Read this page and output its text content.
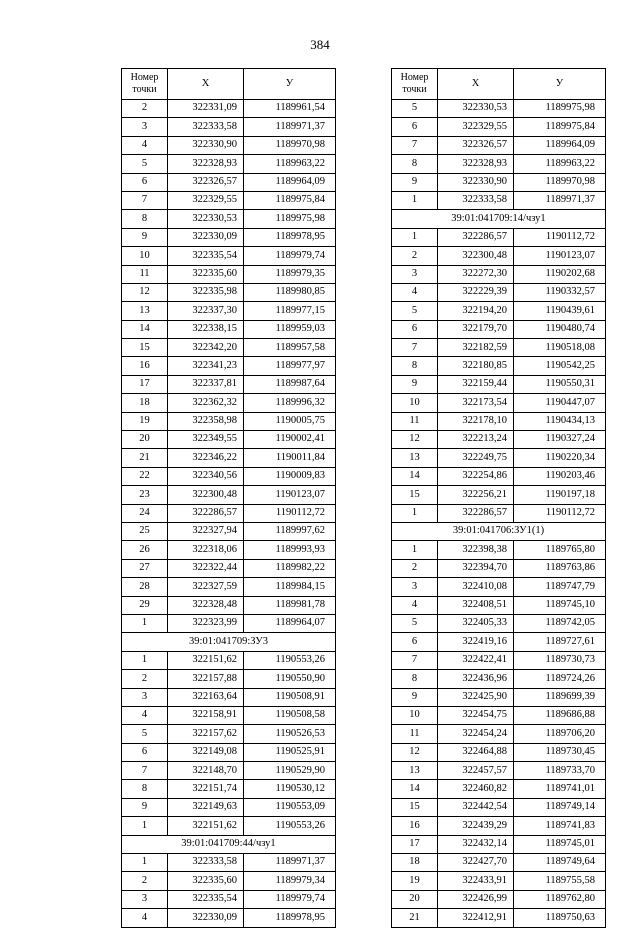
384
Номер
точки	X	У
2	322331,09	1189961,54
3	322333,58	1189971,37
4	322330,90	1189970,98
5	322328,93	1189963,22
6	322326,57	1189964,09
7	322329,55	1189975,84
8	322330,53	1189975,98
9	322330,09	1189978,95
10	322335,54	1189979,74
11	322335,60	1189979,35
12	322335,98	1189980,85
13	322337,30	1189977,15
14	322338,15	1189959,03
15	322342,20	1189957,58
16	322341,23	1189977,97
17	322337,81	1189987,64
18	322362,32	1189996,32
19	322358,98	1190005,75
20	322349,55	1190002,41
21	322346,22	1190011,84
22	322340,56	1190009,83
23	322300,48	1190123,07
24	322286,57	1190112,72
25	322327,94	1189997,62
26	322318,06	1189993,93
27	322322,44	1189982,22
28	322327,59	1189984,15
29	322328,48	1189981,78
1	322323,99	1189964,07
39:01:041709:ЗУ3		
1	322151,62	1190553,26
2	322157,88	1190550,90
3	322163,64	1190508,91
4	322158,91	1190508,58
5	322157,62	1190526,53
6	322149,08	1190525,91
7	322148,70	1190529,90
8	322151,74	1190530,12
9	322149,63	1190553,09
1	322151,62	1190553,26
39:01:041709:44/чзу1		
1	322333,58	1189971,37
2	322335,60	1189979,34
3	322335,54	1189979,74
4	322330,09	1189978,95
Номер
точки	X	У
5	322330,53	1189975,98
6	322329,55	1189975,84
7	322326,57	1189964,09
8	322328,93	1189963,22
9	322330,90	1189970,98
1	322333,58	1189971,37
39:01:041709:14/чзу1		
1	322286,57	1190112,72
2	322300,48	1190123,07
3	322272,30	1190202,68
4	322229,39	1190332,57
5	322194,20	1190439,61
6	322179,70	1190480,74
7	322182,59	1190518,08
8	322180,85	1190542,25
9	322159,44	1190550,31
10	322173,54	1190447,07
11	322178,10	1190434,13
12	322213,24	1190327,24
13	322249,75	1190220,34
14	322254,86	1190203,46
15	322256,21	1190197,18
1	322286,57	1190112,72
39:01:041706:ЗУ1(1)		
1	322398,38	1189765,80
2	322394,70	1189763,86
3	322410,08	1189747,79
4	322408,51	1189745,10
5	322405,33	1189742,05
6	322419,16	1189727,61
7	322422,41	1189730,73
8	322436,96	1189724,26
9	322425,90	1189699,39
10	322454,75	1189686,88
11	322454,24	1189706,20
12	322464,88	1189730,45
13	322457,57	1189733,70
14	322460,82	1189741,01
15	322442,54	1189749,14
16	322439,29	1189741,83
17	322432,14	1189745,01
18	322427,70	1189749,64
19	322433,91	1189755,58
20	322426,99	1189762,80
21	322412,91	1189750,63
